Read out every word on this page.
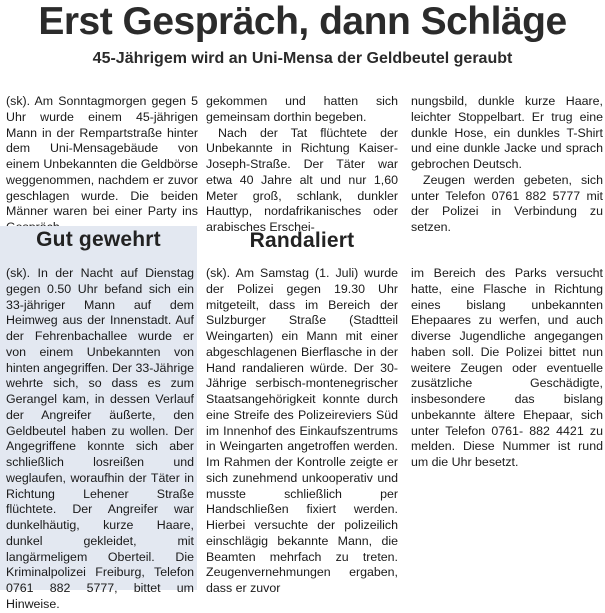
Erst Gespräch, dann Schläge
45-Jährigem wird an Uni-Mensa der Geldbeutel geraubt

(sk). Am Sonntagmorgen gegen 5 Uhr wurde einem 45-jährigen Mann in der Rempartstraße hinter dem Uni-Mensagebäude von einem Unbekannten die Geldbörse weggenommen, nachdem er zuvor geschlagen wurde. Die beiden Männer waren bei einer Party ins

gekommen und hatten sich gemeinsam dorthin begeben.

Nach der Tat flüchtete der Unbekannte in Richtung Kaiser-Joseph-Straße. Der Täter war etwa 40 Jahre alt und nur 1,60 Meter groß, schlank, dunkler Hauttyp, nordafrikanisches oder arabisches Erschei-

nungsbild, dunkle kurze Haare, leichter Stoppelbart. Er trug eine dunkle Hose, ein dunkles T-Shirt und eine dunkle Jacke und sprach gebrochen Deutsch.

Zeugen werden gebeten, sich unter Telefon 0761 882 5777 mit der Polizei in Verbindung zu setzen.

Gut gewehrt

(sk). In der Nacht auf Dienstag gegen 0.50 Uhr befand sich ein 33-jähriger Mann auf dem Heimweg aus der Innenstadt. Auf der Fehrenbachallee wurde er von einem Unbekannten von hinten angegriffen. Der 33-Jährige wehrte sich, so dass es zum Gerangel kam, in dessen Verlauf der Angreifer äußerte, den Geldbeutel haben zu wollen. Der Angegriffene konnte sich aber schließlich losreißen und weglaufen, woraufhin der Täter in Richtung Lehener Straße flüchtete. Der Angreifer war dunkelhäutig, kurze Haare, dunkel gekleidet, mit langärmeligem Oberteil. Die Kriminalpolizei Freiburg, Telefon 0761 882 5777, bittet um Hinweise.

Randaliert

(sk). Am Samstag (1. Juli) wurde der Polizei gegen 19.30 Uhr mitgeteilt, dass im Bereich der Sulzburger Straße (Stadtteil Weingarten) ein Mann mit einer abgeschlagenen Bierflasche in der Hand randalieren würde. Der 30-Jährige serbisch-montenegrischer Staatsangehörigkeit konnte durch eine Streife des Polizeireviers Süd im Innenhof des Einkaufszentrums in Weingarten angetroffen werden. Im Rahmen der Kontrolle zeigte er sich zunehmend unkooperativ und musste schließlich per Handschließen fixiert werden. Hierbei versuchte der polizeilich einschlägig bekannte Mann, die Beamten mehrfach zu treten. Zeugenvernehmungen ergaben, dass er zuvor

im Bereich des Parks versucht hatte, eine Flasche in Richtung eines bislang unbekannten Ehepaares zu werfen, und auch diverse Jugendliche angegangen haben soll. Die Polizei bittet nun weitere Zeugen oder eventuelle zusätzliche Geschädigte, insbesondere das bislang unbekannte ältere Ehepaar, sich unter Telefon 0761- 882 4421 zu melden. Diese Nummer ist rund um die Uhr besetzt.
